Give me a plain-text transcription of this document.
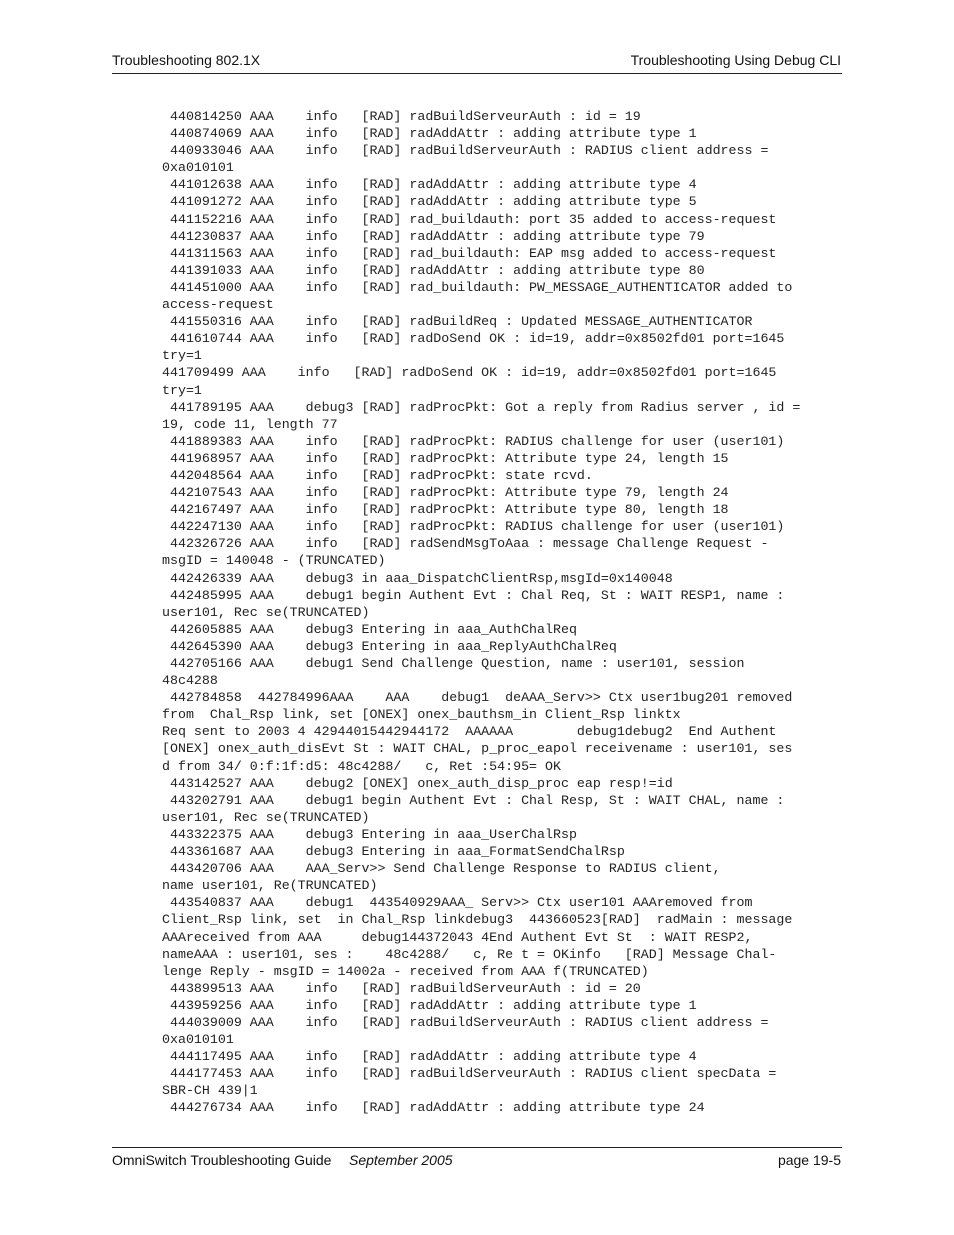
Troubleshooting 802.1X	Troubleshooting Using Debug CLI
440814250 AAA    info   [RAD] radBuildServeurAuth : id = 19
440874069 AAA    info   [RAD] radAddAttr : adding attribute type 1
440933046 AAA    info   [RAD] radBuildServeurAuth : RADIUS client address =
0xa010101
441012638 AAA    info   [RAD] radAddAttr : adding attribute type 4
441091272 AAA    info   [RAD] radAddAttr : adding attribute type 5
441152216 AAA    info   [RAD] rad_buildauth: port 35 added to access-request
441230837 AAA    info   [RAD] radAddAttr : adding attribute type 79
441311563 AAA    info   [RAD] rad_buildauth: EAP msg added to access-request
441391033 AAA    info   [RAD] radAddAttr : adding attribute type 80
441451000 AAA    info   [RAD] rad_buildauth: PW_MESSAGE_AUTHENTICATOR added to
access-request
441550316 AAA    info   [RAD] radBuildReq : Updated MESSAGE_AUTHENTICATOR
441610744 AAA    info   [RAD] radDoSend OK : id=19, addr=0x8502fd01 port=1645
try=1
441709499 AAA    info   [RAD] radDoSend OK : id=19, addr=0x8502fd01 port=1645
try=1
441789195 AAA    debug3 [RAD] radProcPkt: Got a reply from Radius server , id =
19, code 11, length 77
441889383 AAA    info   [RAD] radProcPkt: RADIUS challenge for user (user101)
441968957 AAA    info   [RAD] radProcPkt: Attribute type 24, length 15
442048564 AAA    info   [RAD] radProcPkt: state rcvd.
442107543 AAA    info   [RAD] radProcPkt: Attribute type 79, length 24
442167497 AAA    info   [RAD] radProcPkt: Attribute type 80, length 18
442247130 AAA    info   [RAD] radProcPkt: RADIUS challenge for user (user101)
442326726 AAA    info   [RAD] radSendMsgToAaa : message Challenge Request -
msgID = 140048 - (TRUNCATED)
442426339 AAA    debug3 in aaa_DispatchClientRsp,msgId=0x140048
442485995 AAA    debug1 begin Authent Evt : Chal Req, St : WAIT RESP1, name :
user101, Rec se(TRUNCATED)
442605885 AAA    debug3 Entering in aaa_AuthChalReq
442645390 AAA    debug3 Entering in aaa_ReplyAuthChalReq
442705166 AAA    debug1 Send Challenge Question, name : user101, session
48c4288
442784858  442784996AAA    AAA    debug1  deAAA_Serv>> Ctx user1bug201 removed
from  Chal_Rsp link, set [ONEX] onex_bauthsm_in Client_Rsp linktx
Req sent to 2003 4 42944015442944172  AAAAAA        debug1debug2  End Authent
[ONEX] onex_auth_disEvt St : WAIT CHAL, p_proc_eapol receivename : user101, ses
d from 34/ 0:f:1f:d5: 48c4288/   c, Ret :54:95= OK
443142527 AAA    debug2 [ONEX] onex_auth_disp_proc eap resp!=id
443202791 AAA    debug1 begin Authent Evt : Chal Resp, St : WAIT CHAL, name :
user101, Rec se(TRUNCATED)
443322375 AAA    debug3 Entering in aaa_UserChalRsp
443361687 AAA    debug3 Entering in aaa_FormatSendChalRsp
443420706 AAA    AAA_Serv>> Send Challenge Response to RADIUS client,
name user101, Re(TRUNCATED)
443540837 AAA    debug1  443540929AAA_ Serv>> Ctx user101 AAAremoved from
Client_Rsp link, set  in Chal_Rsp linkdebug3  443660523[RAD]  radMain : message
AAAreceived from AAA     debug144372043 4End Authent Evt St  : WAIT RESP2,
nameAAA : user101, ses :    48c4288/   c, Re t = OKinfo   [RAD] Message Chal-
lenge Reply - msgID = 14002a - received from AAA f(TRUNCATED)
443899513 AAA    info   [RAD] radBuildServeurAuth : id = 20
443959256 AAA    info   [RAD] radAddAttr : adding attribute type 1
444039009 AAA    info   [RAD] radBuildServeurAuth : RADIUS client address =
0xa010101
444117495 AAA    info   [RAD] radAddAttr : adding attribute type 4
444177453 AAA    info   [RAD] radBuildServeurAuth : RADIUS client specData =
SBR-CH 439|1
444276734 AAA    info   [RAD] radAddAttr : adding attribute type 24
OmniSwitch Troubleshooting Guide September 2005	page 19-5
